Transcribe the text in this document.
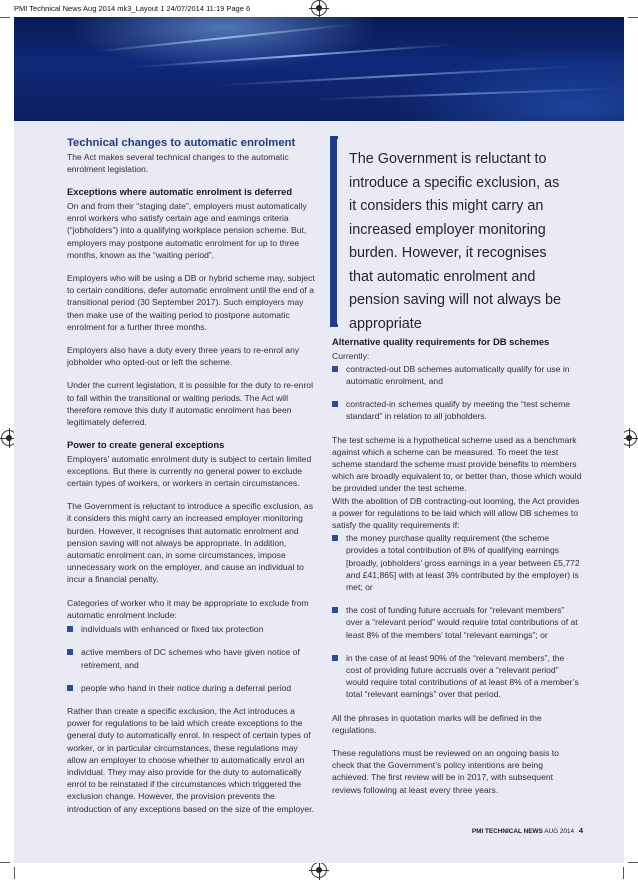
PMI Technical News Aug 2014 mk3_Layout 1 24/07/2014 11:19 Page 6
Technical changes to automatic enrolment

The Act makes several technical changes to the automatic enrolment legislation.

Exceptions where automatic enrolment is deferred

On and from their “staging date”, employers must automatically enrol workers who satisfy certain age and earnings criteria (“jobholders”) into a qualifying workplace pension scheme. But, employers may postpone automatic enrolment for up to three months, known as the “waiting period”.

Employers who will be using a DB or hybrid scheme may, subject to certain conditions, defer automatic enrolment until the end of a transitional period (30 September 2017). Such employers may then make use of the waiting period to postpone automatic enrolment for a further three months.

Employers also have a duty every three years to re-enrol any jobholder who opted-out or left the scheme.

Under the current legislation, it is possible for the duty to re-enrol to fall within the transitional or waiting periods. The Act will therefore remove this duty if automatic enrolment has been legitimately deferred.

Power to create general exceptions

Employers’ automatic enrolment duty is subject to certain limited exceptions. But there is currently no general power to exclude certain types of workers, or workers in certain circumstances.

The Government is reluctant to introduce a specific exclusion, as it considers this might carry an increased employer monitoring burden. However, it recognises that automatic enrolment and pension saving will not always be appropriate. In addition, automatic enrolment can, in some circumstances, impose unnecessary work on the employer, and cause an individual to incur a financial penalty.

Categories of worker who it may be appropriate to exclude from automatic enrolment include:

individuals with enhanced or fixed tax protection
active members of DC schemes who have given notice of retirement, and
people who hand in their notice during a deferral period

Rather than create a specific exclusion, the Act introduces a power for regulations to be laid which create exceptions to the general duty to automatically enrol. In respect of certain types of worker, or in particular circumstances, these regulations may allow an employer to choose whether to automatically enrol an individual. They may also provide for the duty to automatically enrol to be reinstated if the circumstances which triggered the exclusion change. However, the provision prevents the introduction of any exceptions based on the size of the employer.

The Government is reluctant to introduce a specific exclusion, as it considers this might carry an increased employer monitoring burden. However, it recognises that automatic enrolment and pension saving will not always be appropriate
Alternative quality requirements for DB schemes
Currently:
contracted-out DB schemes automatically qualify for use in automatic enrolment, and
contracted-in schemes qualify by meeting the “test scheme standard” in relation to all jobholders.

The test scheme is a hypothetical scheme used as a benchmark against which a scheme can be measured. To meet the test scheme standard the scheme must provide benefits to members which are broadly equivalent to, or better than, those which would be provided under the test scheme.

With the abolition of DB contracting-out looming, the Act provides a power for regulations to be laid which will allow DB schemes to satisfy the quality requirements if:

the money purchase quality requirement (the scheme provides a total contribution of 8% of qualifying earnings [broadly, jobholders’ gross earnings in a year between £5,772 and £41,865] with at least 3% contributed by the employer) is met; or
the cost of funding future accruals for “relevant members” over a “relevant period” would require total contributions of at least 8% of the members’ total “relevant earnings”; or
in the case of at least 90% of the “relevant members”, the cost of providing future accruals over a “relevant period” would require total contributions of at least 8% of a member’s total “relevant earnings” over that period.

All the phrases in quotation marks will be defined in the regulations.

These regulations must be reviewed on an ongoing basis to check that the Government’s policy intentions are being achieved. The first review will be in 2017, with subsequent reviews following at least every three years.

PMI TECHNICAL NEWS AUG 2014 4
